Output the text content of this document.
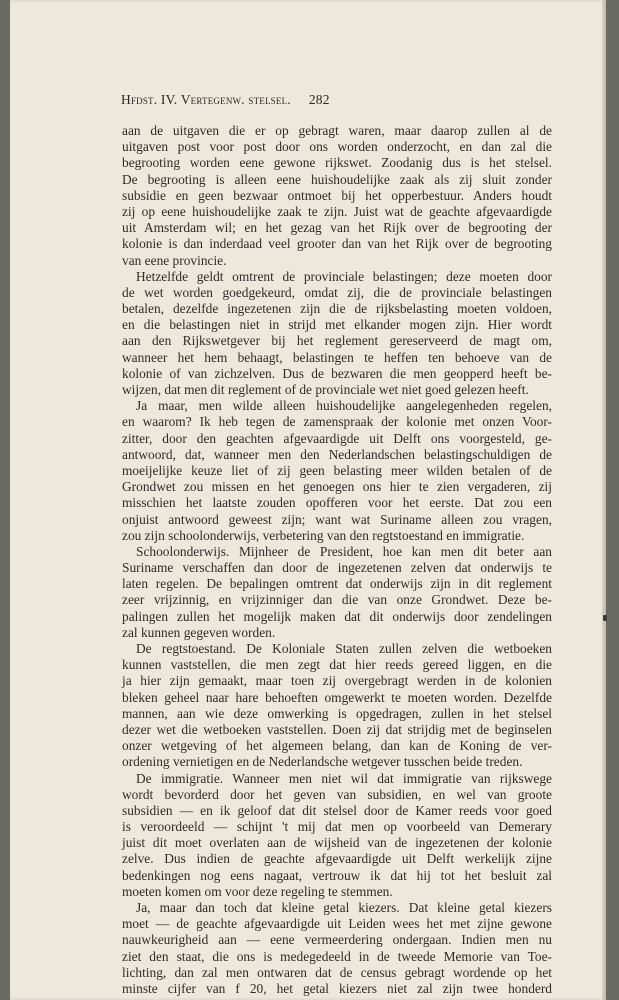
Hfdst. IV. Vertegenw. stelsel. 282
aan de uitgaven die er op gebragt waren, maar daarop zullen al de
uitgaven post voor post door ons worden onderzocht, en dan zal die
begrooting worden eene gewone rijkswet. Zoodanig dus is het stelsel.
De begrooting is alleen eene huishoudelijke zaak als zij sluit zonder
subsidie en geen bezwaar ontmoet bij het opperbestuur. Anders houdt
zij op eene huishoudelijke zaak te zijn. Juist wat de geachte afgevaardigde
uit Amsterdam wil; en het gezag van het Rijk over de begrooting der
kolonie is dan inderdaad veel grooter dan van het Rijk over de begrooting
van eene provincie.
Hetzelfde geldt omtrent de provinciale belastingen; deze moeten door
de wet worden goedgekeurd, omdat zij, die de provinciale belastingen
betalen, dezelfde ingezetenen zijn die de rijksbelasting moeten voldoen,
en die belastingen niet in strijd met elkander mogen zijn. Hier wordt
aan den Rijkswetgever bij het reglement gereserveerd de magt om,
wanneer het hem behaagt, belastingen te heffen ten behoeve van de
kolonie of van zichzelven. Dus de bezwaren die men geopperd heeft be-
wijzen, dat men dit reglement of de provinciale wet niet goed gelezen heeft.
Ja maar, men wilde alleen huishoudelijke aangelegenheden regelen,
en waarom? Ik heb tegen de zamenspraak der kolonie met onzen Voor-
zitter, door den geachten afgevaardigde uit Delft ons voorgesteld, ge-
antwoord, dat, wanneer men den Nederlandschen belastingschuldigen de
moeijelijke keuze liet of zij geen belasting meer wilden betalen of de
Grondwet zou missen en het genoegen ons hier te zien vergaderen, zij
misschien het laatste zouden opofferen voor het eerste. Dat zou een
onjuist antwoord geweest zijn; want wat Suriname alleen zou vragen,
zou zijn schoolonderwijs, verbetering van den regtstoestand en immigratie.
Schoolonderwijs. Mijnheer de President, hoe kan men dit beter aan
Suriname verschaffen dan door de ingezetenen zelven dat onderwijs te
laten regelen. De bepalingen omtrent dat onderwijs zijn in dit reglement
zeer vrijzinnig, en vrijzinniger dan die van onze Grondwet. Deze be-
palingen zullen het mogelijk maken dat dit onderwijs door zendelingen
zal kunnen gegeven worden.
De regtstoestand. De Koloniale Staten zullen zelven die wetboeken
kunnen vaststellen, die men zegt dat hier reeds gereed liggen, en die
ja hier zijn gemaakt, maar toen zij overgebragt werden in de kolonien
bleken geheel naar hare behoeften omgewerkt te moeten worden. Dezelfde
mannen, aan wie deze omwerking is opgedragen, zullen in het stelsel
dezer wet die wetboeken vaststellen. Doen zij dat strijdig met de beginselen
onzer wetgeving of het algemeen belang, dan kan de Koning de ver-
ordening vernietigen en de Nederlandsche wetgever tusschen beide treden.
De immigratie. Wanneer men niet wil dat immigratie van rijkswege
wordt bevorderd door het geven van subsidien, en wel van groote
subsidien — en ik geloof dat dit stelsel door de Kamer reeds voor goed
is veroordeeld — schijnt 't mij dat men op voorbeeld van Demerary
juist dit moet overlaten aan de wijsheid van de ingezetenen der kolonie
zelve. Dus indien de geachte afgevaardigde uit Delft werkelijk zijne
bedenkingen nog eens nagaat, vertrouw ik dat hij tot het besluit zal
moeten komen om voor deze regeling te stemmen.
Ja, maar dan toch dat kleine getal kiezers. Dat kleine getal kiezers
moet — de geachte afgevaardigde uit Leiden wees het met zijne gewone
nauwkeurigheid aan — eene vermeerdering ondergaan. Indien men nu
ziet den staat, die ons is medegedeeld in de tweede Memorie van Toe-
lichting, dan zal men ontwaren dat de census gebragt wordende op het
minste cijfer van f 20, het getal kiezers niet zal zijn twee honderd
